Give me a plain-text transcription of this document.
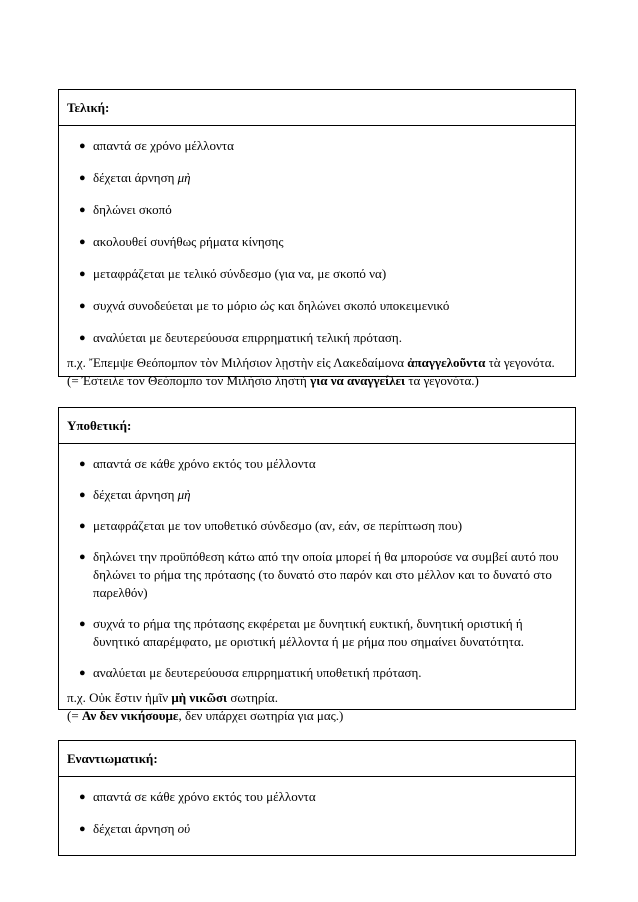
Τελική:
● απαντά σε χρόνο μέλλοντα
● δέχεται άρνηση μὴ
● δηλώνει σκοπό
● ακολουθεί συνήθως ρήματα κίνησης
● μεταφράζεται με τελικό σύνδεσμο (για να, με σκοπό να)
● συχνά συνοδεύεται με το μόριο ὡς και δηλώνει σκοπό υποκειμενικό
● αναλύεται με δευτερεύουσα επιρρηματική τελική πρόταση.
π.χ. Ἔπεμψε Θεόπομπον τὸν Μιλήσιον λῃστὴν εἰς Λακεδαίμονα ἀπαγγελοῦντα τὰ γεγονότα.
(= Έστειλε τον Θεόπομπο τον Μιλήσιο ληστή για να αναγγείλει τα γεγονότα.)
Υποθετική:
● απαντά σε κάθε χρόνο εκτός του μέλλοντα
● δέχεται άρνηση μὴ
● μεταφράζεται με τον υποθετικό σύνδεσμο (αν, εάν, σε περίπτωση που)
● δηλώνει την προϋπόθεση κάτω από την οποία μπορεί ή θα μπορούσε να συμβεί αυτό που δηλώνει το ρήμα της πρότασης (το δυνατό στο παρόν και στο μέλλον και το δυνατό στο παρελθόν)
● συχνά το ρήμα της πρότασης εκφέρεται με δυνητική ευκτική, δυνητική οριστική ή δυνητικό απαρέμφατο, με οριστική μέλλοντα ή με ρήμα που σημαίνει δυνατότητα.
● αναλύεται με δευτερεύουσα επιρρηματική υποθετική πρόταση.
π.χ. Οὐκ ἔστιν ἡμῖν μὴ νικῶσι σωτηρία.
(= Αν δεν νικήσουμε, δεν υπάρχει σωτηρία για μας.)
Εναντιωματική:
● απαντά σε κάθε χρόνο εκτός του μέλλοντα
● δέχεται άρνηση οὐ
